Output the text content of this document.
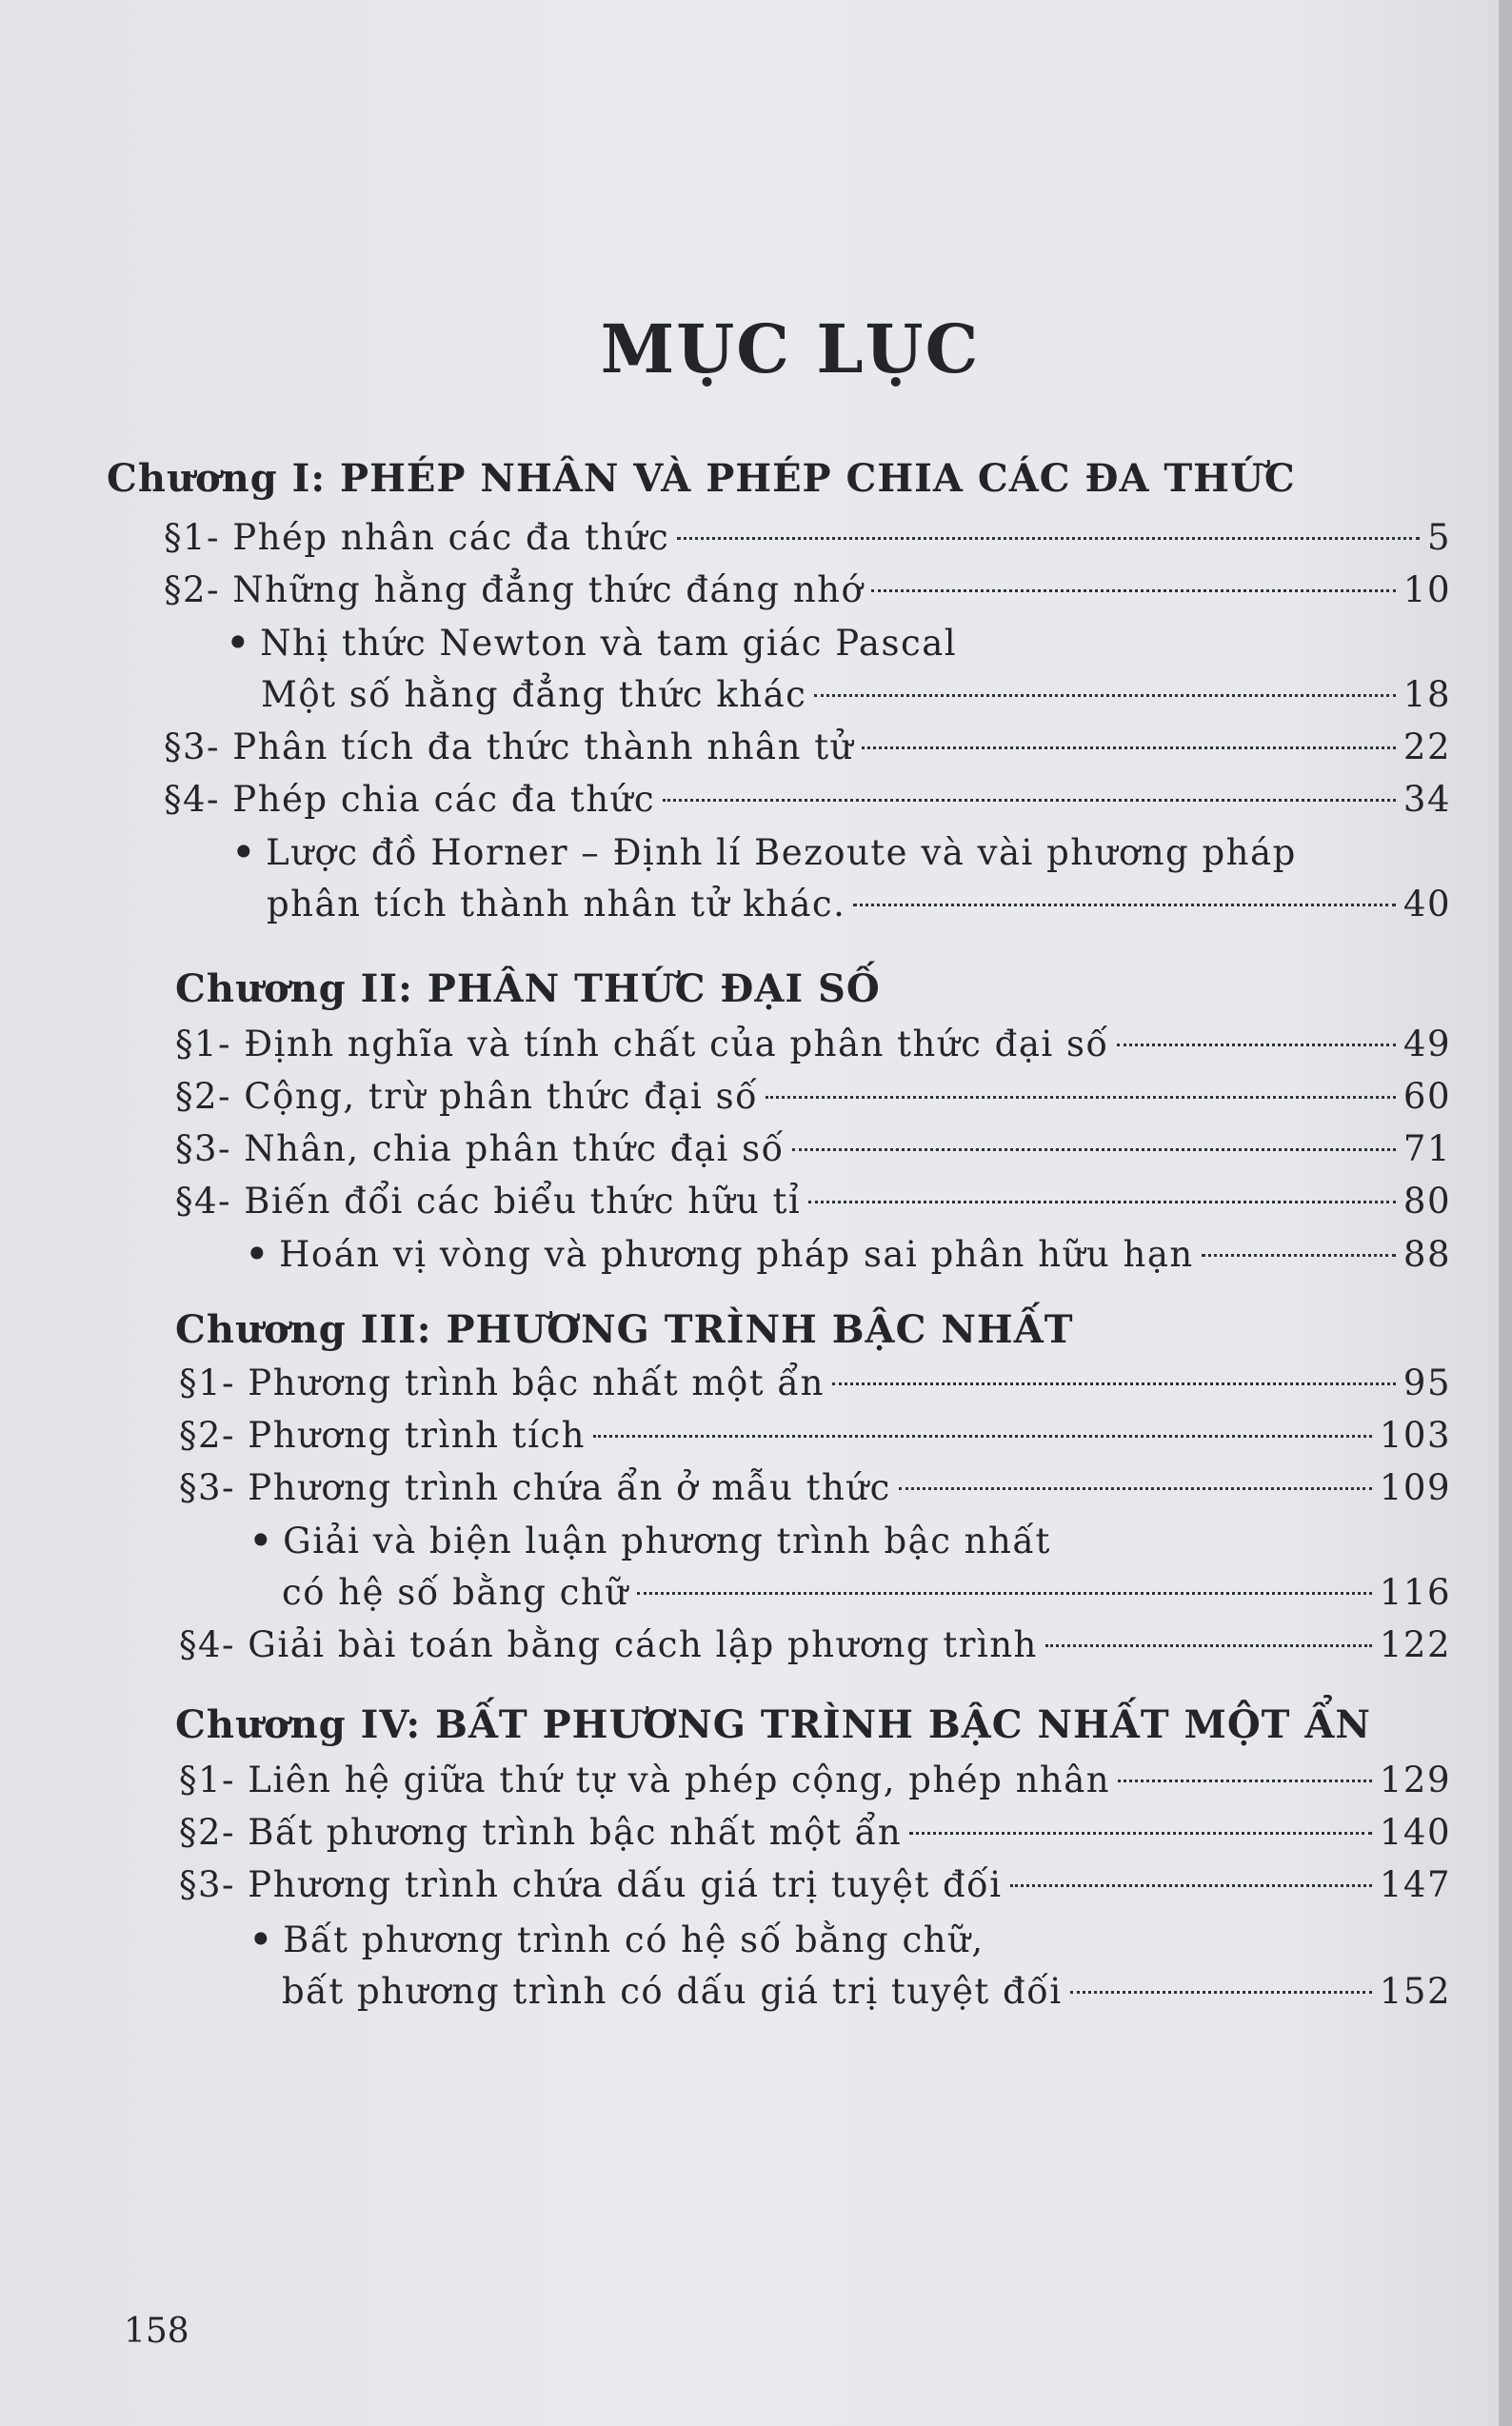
MỤC LỤC
Chương I: PHÉP NHÂN VÀ PHÉP CHIA CÁC ĐA THỨC
§1- Phép nhân các đa thức	5
§2- Những hằng đẳng thức đáng nhớ	10
• Nhị thức Newton và tam giác Pascal
Một số hằng đẳng thức khác	18
§3- Phân tích đa thức thành nhân tử	22
§4- Phép chia các đa thức	34
• Lược đồ Horner – Định lí Bezoute và vài phương pháp
phân tích thành nhân tử khác.	40
Chương II: PHÂN THỨC ĐẠI SỐ
§1- Định nghĩa và tính chất của phân thức đại số	49
§2- Cộng, trừ phân thức đại số	60
§3- Nhân, chia phân thức đại số	71
§4- Biến đổi các biểu thức hữu tỉ	80
• Hoán vị vòng và phương pháp sai phân hữu hạn	88
Chương III: PHƯƠNG TRÌNH BẬC NHẤT
§1- Phương trình bậc nhất một ẩn	95
§2- Phương trình tích	103
§3- Phương trình chứa ẩn ở mẫu thức	109
• Giải và biện luận phương trình bậc nhất
có hệ số bằng chữ	116
§4- Giải bài toán bằng cách lập phương trình	122
Chương IV: BẤT PHƯƠNG TRÌNH BẬC NHẤT MỘT ẨN
§1- Liên hệ giữa thứ tự và phép cộng, phép nhân	129
§2- Bất phương trình bậc nhất một ẩn	140
§3- Phương trình chứa dấu giá trị tuyệt đối	147
• Bất phương trình có hệ số bằng chữ,
bất phương trình có dấu giá trị tuyệt đối	152
158
